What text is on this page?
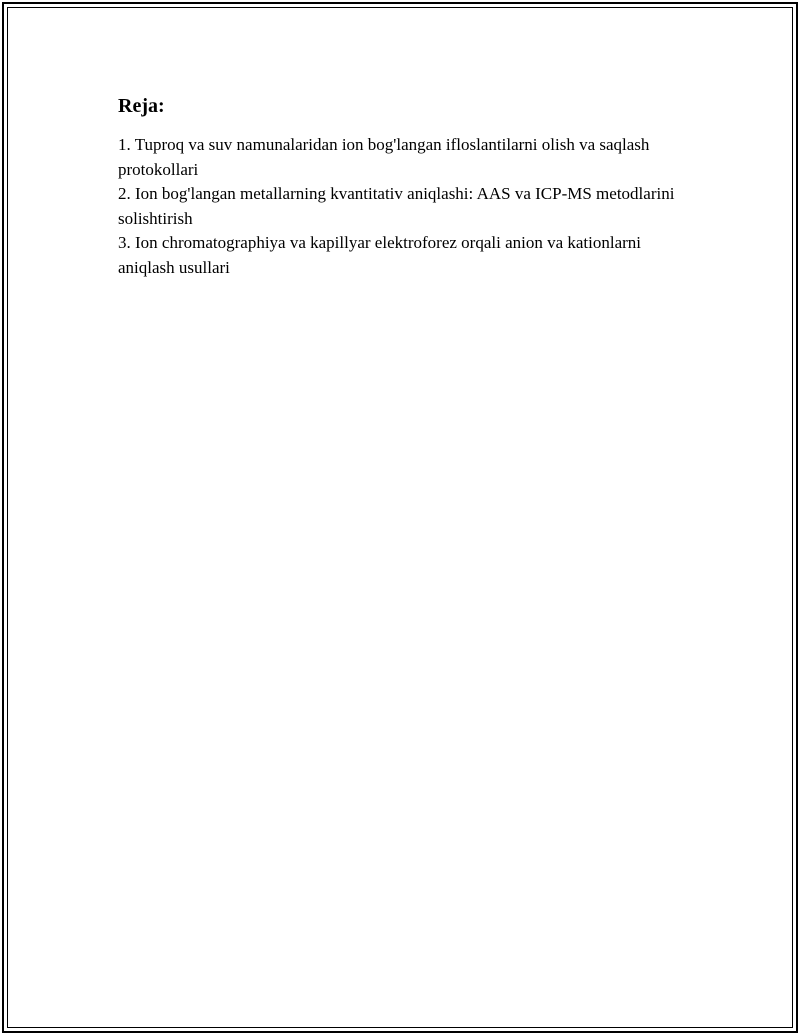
Reja:
1. Tuproq va suv namunalaridan ion bog'langan ifloslantilarni olish va saqlash protokollari
2. Ion bog'langan metallarning kvantitativ aniqlashi: AAS va ICP-MS metodlarini solishtirish
3. Ion chromatographiya va kapillyar elektroforez orqali anion va kationlarni aniqlash usullari
